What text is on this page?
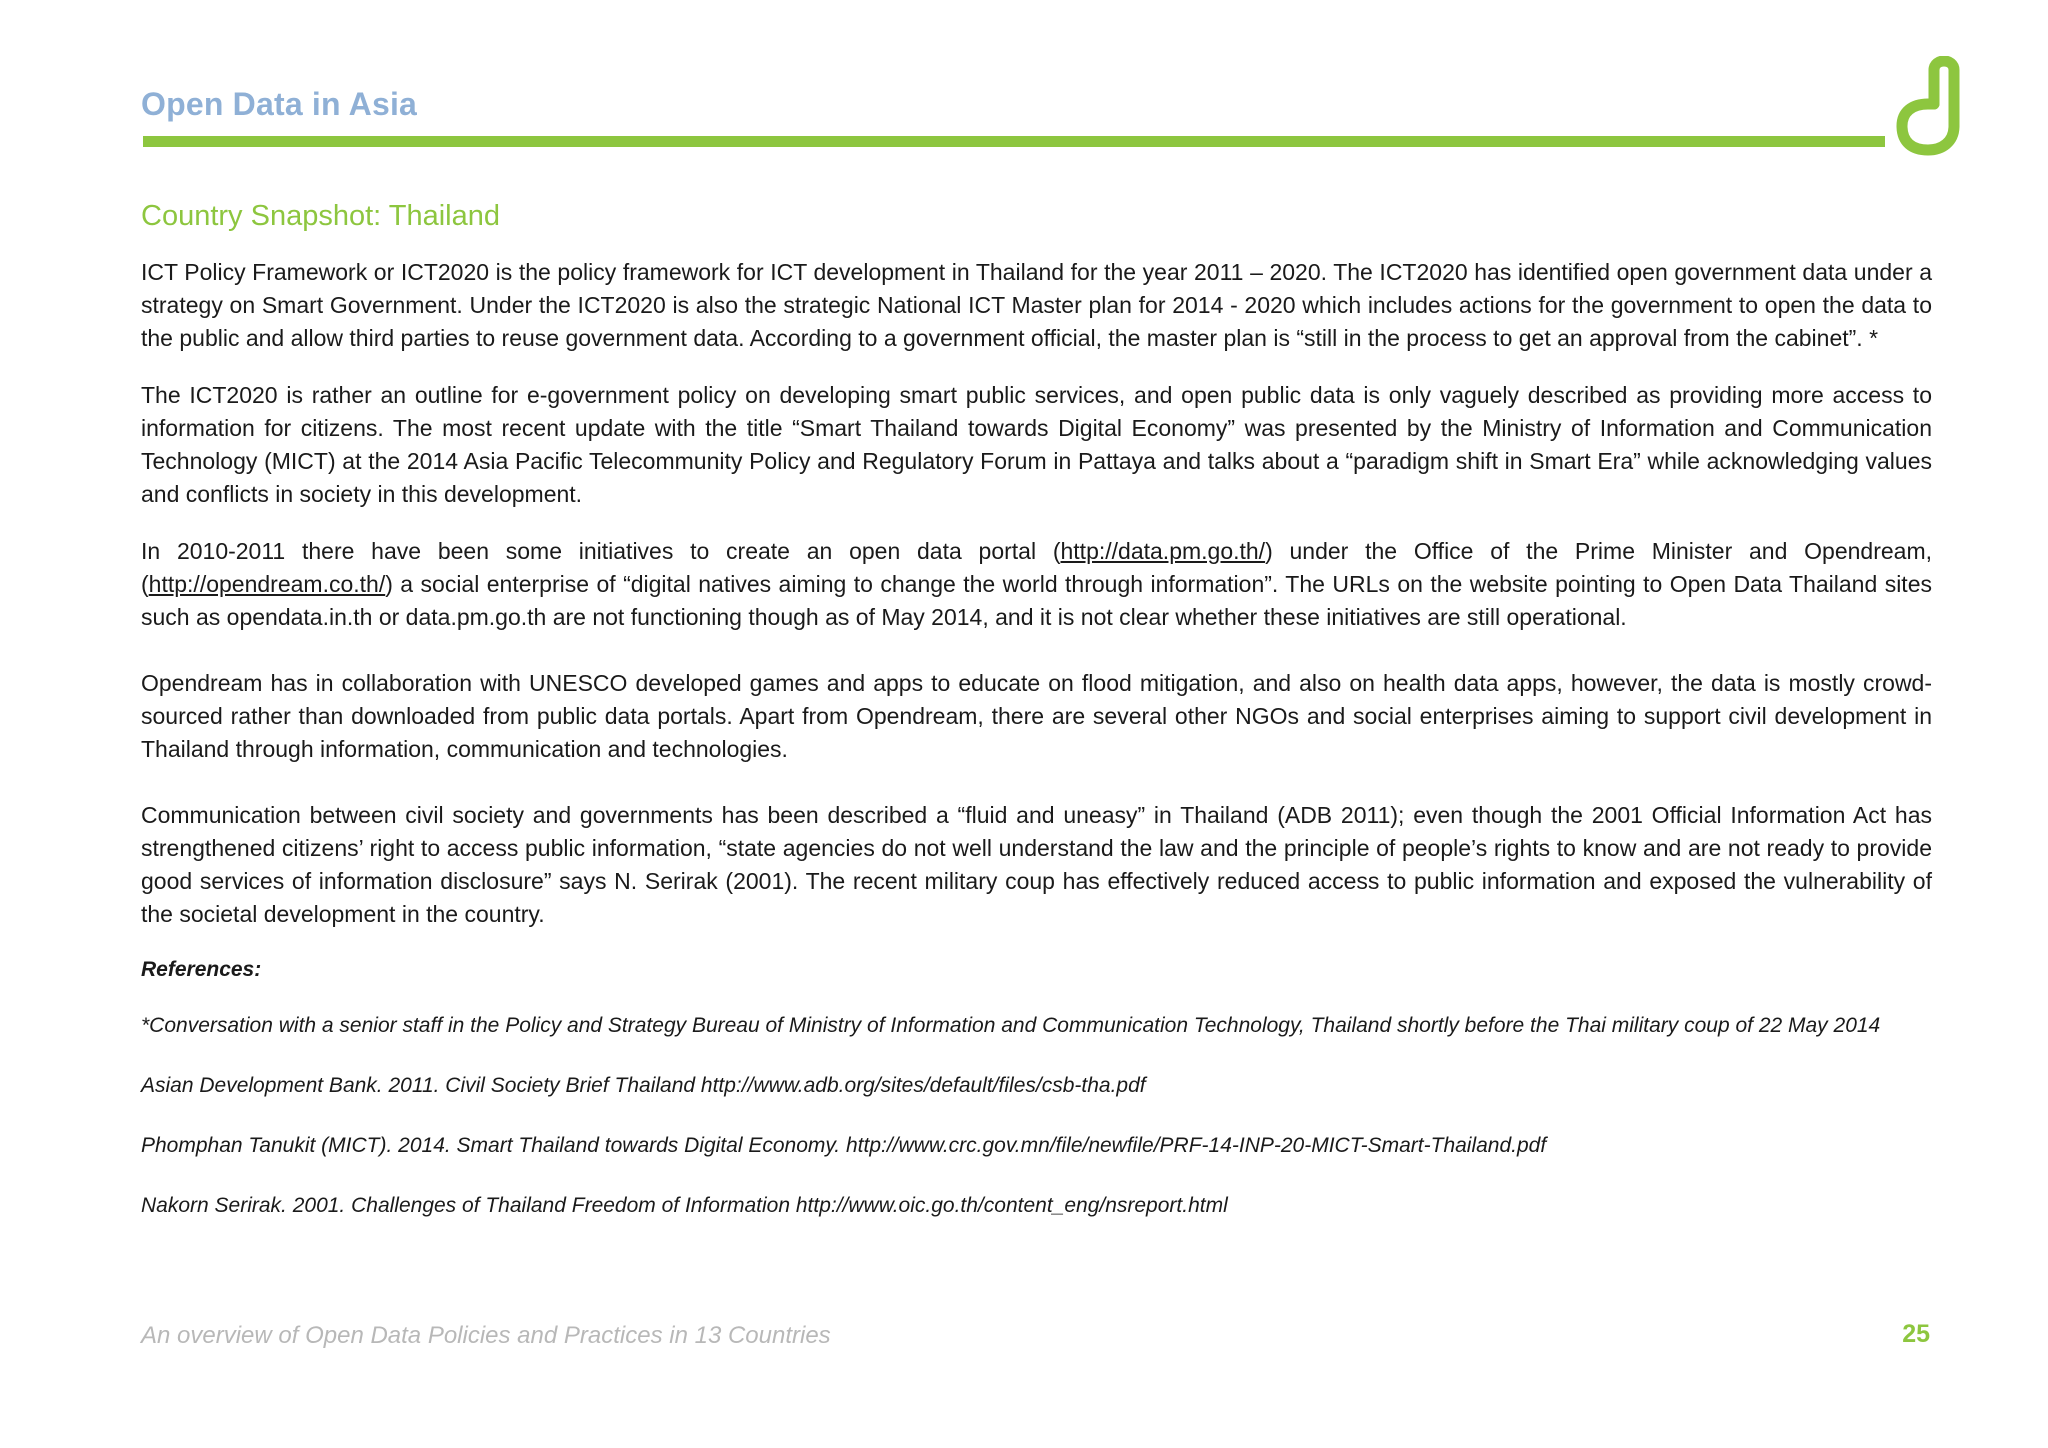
Open Data in Asia
Country Snapshot: Thailand

ICT Policy Framework or ICT2020 is the policy framework for ICT development in Thailand for the year 2011 – 2020. The ICT2020 has identified open government data under a strategy on Smart Government. Under the ICT2020 is also the strategic National ICT Master plan for 2014 - 2020 which includes actions for the government to open the data to the public and allow third parties to reuse government data. According to a government official, the master plan is “still in the process to get an approval from the cabinet”. *

The ICT2020 is rather an outline for e-government policy on developing smart public services, and open public data is only vaguely described as providing more access to information for citizens. The most recent update with the title “Smart Thailand towards Digital Economy” was presented by the Ministry of Information and Communication Technology (MICT) at the 2014 Asia Pacific Telecommunity Policy and Regulatory Forum in Pattaya and talks about a “paradigm shift in Smart Era” while acknowledging values and conflicts in society in this development.

In 2010-2011 there have been some initiatives to create an open data portal (http://data.pm.go.th/) under the Office of the Prime Minister and Opendream, (http://opendream.co.th/) a social enterprise of “digital natives aiming to change the world through information”. The URLs on the website pointing to Open Data Thailand sites such as opendata.in.th or data.pm.go.th are not functioning though as of May 2014, and it is not clear whether these initiatives are still operational.

Opendream has in collaboration with UNESCO developed games and apps to educate on flood mitigation, and also on health data apps, however, the data is mostly crowd-sourced rather than downloaded from public data portals. Apart from Opendream, there are several other NGOs and social enterprises aiming to support civil development in Thailand through information, communication and technologies.

Communication between civil society and governments has been described a “fluid and uneasy” in Thailand (ADB 2011); even though the 2001 Official Information Act has strengthened citizens’ right to access public information, “state agencies do not well understand the law and the principle of people’s rights to know and are not ready to provide good services of information disclosure” says N. Serirak (2001). The recent military coup has effectively reduced access to public information and exposed the vulnerability of the societal development in the country.

References:

*Conversation with a senior staff in the Policy and Strategy Bureau of Ministry of Information and Communication Technology, Thailand shortly before the Thai military coup of 22 May 2014

Asian Development Bank. 2011. Civil Society Brief Thailand http://www.adb.org/sites/default/files/csb-tha.pdf

Phomphan Tanukit (MICT). 2014. Smart Thailand towards Digital Economy. http://www.crc.gov.mn/file/newfile/PRF-14-INP-20-MICT-Smart-Thailand.pdf

Nakorn Serirak. 2001. Challenges of Thailand Freedom of Information http://www.oic.go.th/content_eng/nsreport.html

An overview of Open Data Policies and Practices in 13 Countries	25
